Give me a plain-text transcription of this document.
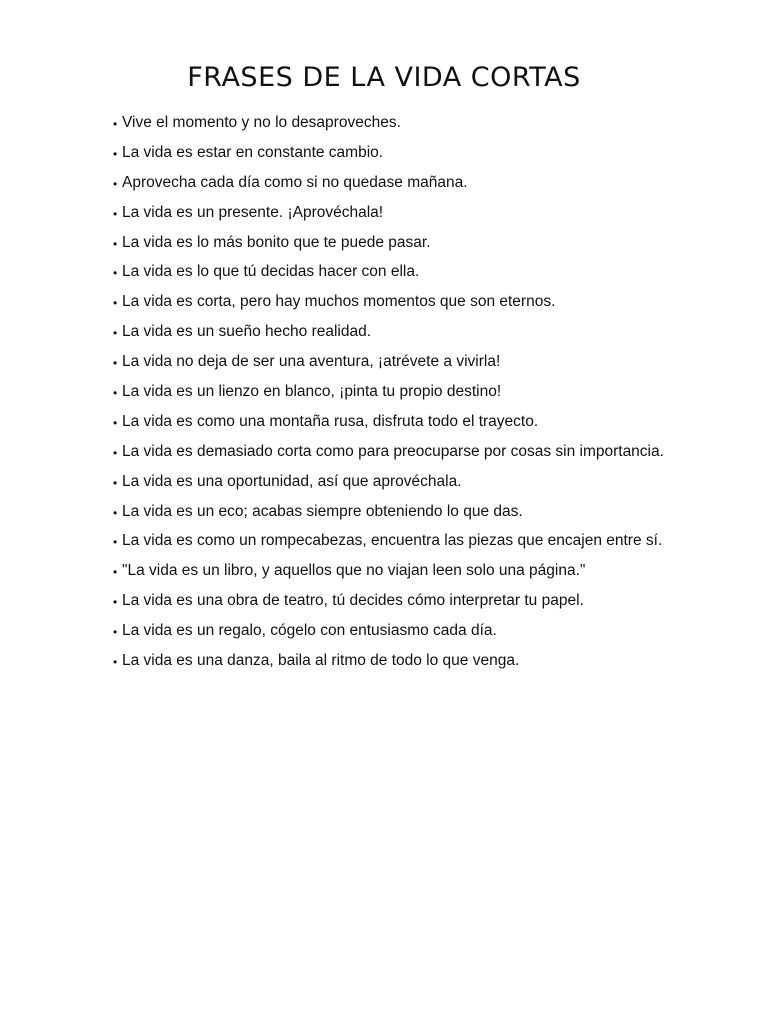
FRASES DE LA VIDA CORTAS
• Vive el momento y no lo desaproveches.
• La vida es estar en constante cambio.
• Aprovecha cada día como si no quedase mañana.
• La vida es un presente. ¡Aprovéchala!
• La vida es lo más bonito que te puede pasar.
• La vida es lo que tú decidas hacer con ella.
• La vida es corta, pero hay muchos momentos que son eternos.
• La vida es un sueño hecho realidad.
• La vida no deja de ser una aventura, ¡atrévete a vivirla!
• La vida es un lienzo en blanco, ¡pinta tu propio destino!
• La vida es como una montaña rusa, disfruta todo el trayecto.
• La vida es demasiado corta como para preocuparse por cosas sin importancia.
• La vida es una oportunidad, así que aprovéchala.
• La vida es un eco; acabas siempre obteniendo lo que das.
• La vida es como un rompecabezas, encuentra las piezas que encajen entre sí.
• "La vida es un libro, y aquellos que no viajan leen solo una página."
• La vida es una obra de teatro, tú decides cómo interpretar tu papel.
• La vida es un regalo, cógelo con entusiasmo cada día.
• La vida es una danza, baila al ritmo de todo lo que venga.
